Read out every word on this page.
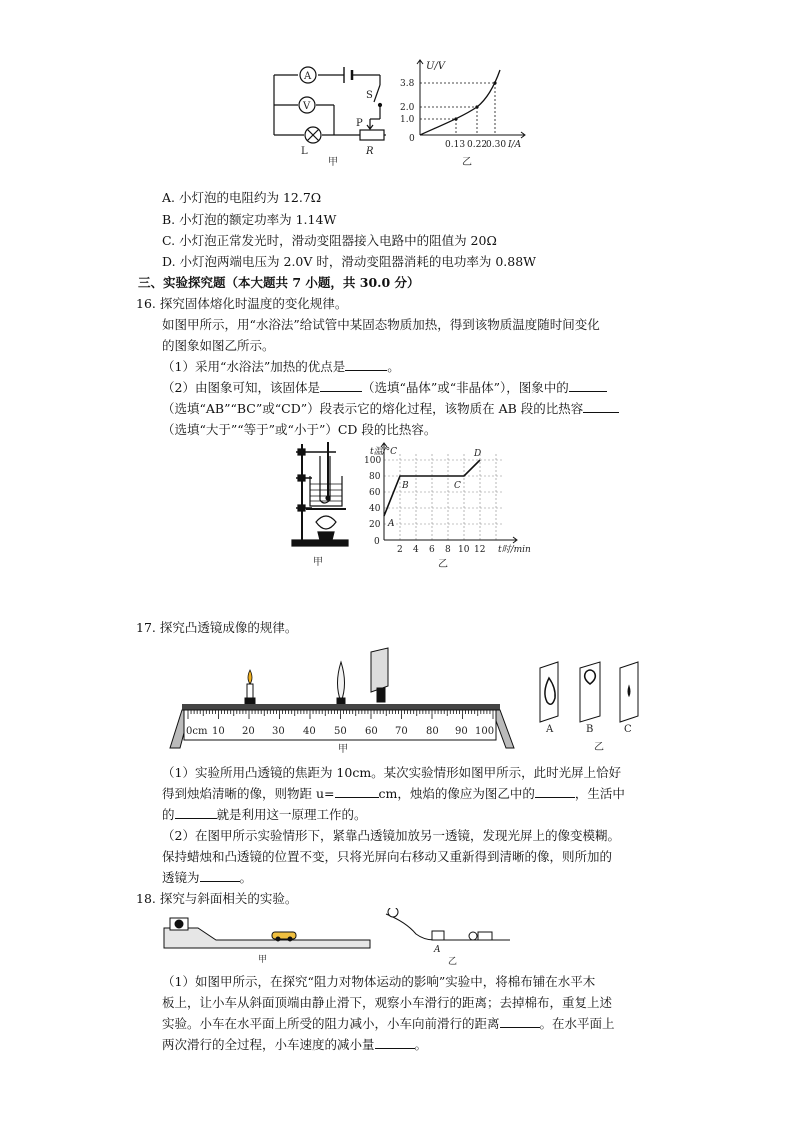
A
V
S
P
L	R
甲
U/V
3.8
2.0
1.0
0
0.13 0.22
0.30 I/A
乙
A. 小灯泡的电阻约为 12.7Ω
B. 小灯泡的额定功率为 1.14W
C. 小灯泡正常发光时，滑动变阻器接入电路中的阻值为 20Ω
D. 小灯泡两端电压为 2.0V 时，滑动变阻器消耗的电功率为 0.88W
三、实验探究题（本大题共 7 小题，共 30.0 分）
16. 探究固体熔化时温度的变化规律。
如图甲所示，用“水浴法”给试管中某固态物质加热，得到该物质温度随时间变化
的图象如图乙所示。
（1）采用“水浴法”加热的优点是	。
（2）由图象可知，该固体是	（选填“晶体”或“非晶体”），图象中的
（选填“AB”“BC”或“CD”）段表示它的熔化过程，该物质在 AB 段的比热容
（选填“大于”“等于”或“小于”）CD 段的比热容。
甲
t温/°C
100
80
60
40
20
0
2 4 6 8 10 12 t时/min
A
B	C
D
乙
17. 探究凸透镜成像的规律。
0cm 10 20 30 40 50 60 70 80 90 100
甲
A	B	C
乙
（1）实验所用凸透镜的焦距为 10cm。某次实验情形如图甲所示，此时光屏上恰好
得到烛焰清晰的像，则物距 u=	cm，烛焰的像应为图乙中的	，生活中
的	就是利用这一原理工作的。
（2）在图甲所示实验情形下，紧靠凸透镜加放另一透镜，发现光屏上的像变模糊。
保持蜡烛和凸透镜的位置不变，只将光屏向右移动又重新得到清晰的像，则所加的
透镜为	。
18. 探究与斜面相关的实验。
甲
A
乙
（1）如图甲所示，在探究“阻力对物体运动的影响”实验中，将棉布铺在水平木
板上，让小车从斜面顶端由静止滑下，观察小车滑行的距离；去掉棉布，重复上述
实验。小车在水平面上所受的阻力减小，小车向前滑行的距离	。在水平面上
两次滑行的全过程，小车速度的减小量	。
